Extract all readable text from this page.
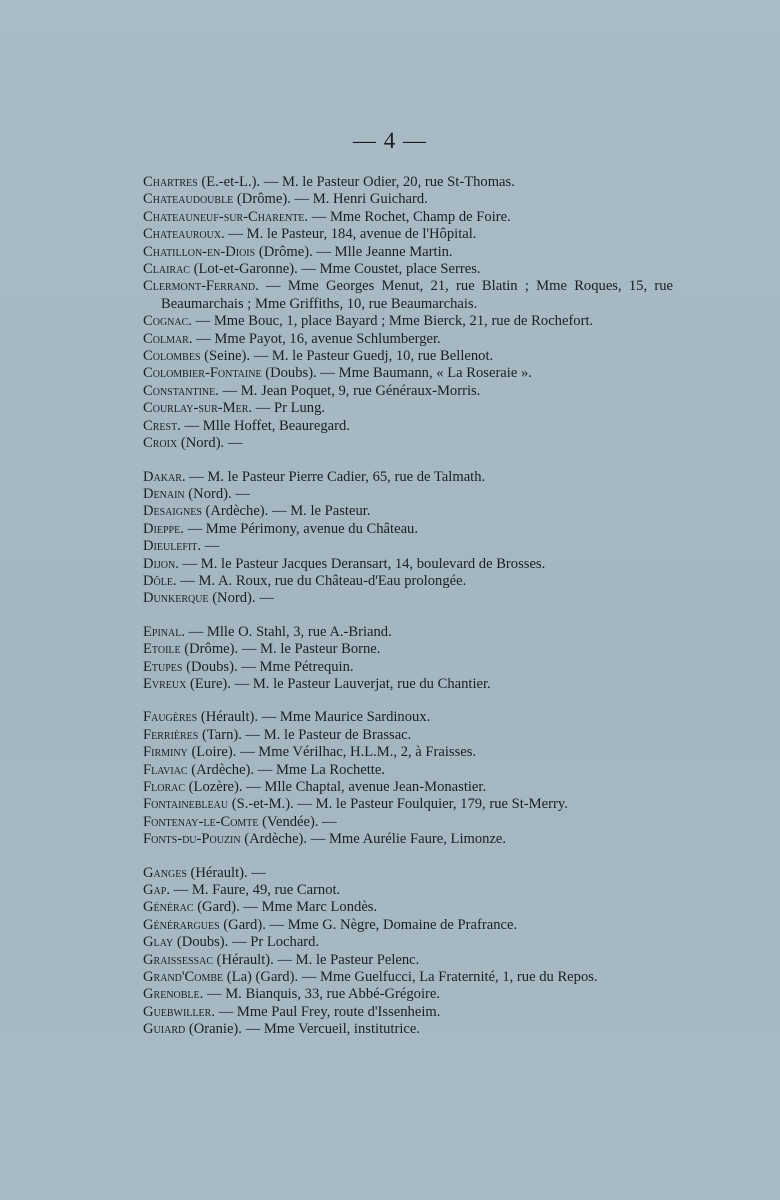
— 4 —
Chartres (E.-et-L.). — M. le Pasteur Odier, 20, rue St-Thomas.
Chateaudouble (Drôme). — M. Henri Guichard.
Chateauneuf-sur-Charente. — Mme Rochet, Champ de Foire.
Chateauroux. — M. le Pasteur, 184, avenue de l'Hôpital.
Chatillon-en-Diois (Drôme). — Mlle Jeanne Martin.
Clairac (Lot-et-Garonne). — Mme Coustet, place Serres.
Clermont-Ferrand. — Mme Georges Menut, 21, rue Blatin ; Mme Roques, 15, rue Beaumarchais ; Mme Griffiths, 10, rue Beaumarchais.
Cognac. — Mme Bouc, 1, place Bayard ; Mme Bierck, 21, rue de Rochefort.
Colmar. — Mme Payot, 16, avenue Schlumberger.
Colombes (Seine). — M. le Pasteur Guedj, 10, rue Bellenot.
Colombier-Fontaine (Doubs). — Mme Baumann, « La Roseraie ».
Constantine. — M. Jean Poquet, 9, rue Généraux-Morris.
Courlay-sur-Mer. — Pr Lung.
Crest. — Mlle Hoffet, Beauregard.
Croix (Nord). —
Dakar. — M. le Pasteur Pierre Cadier, 65, rue de Talmath.
Denain (Nord). —
Desaignes (Ardèche). — M. le Pasteur.
Dieppe. — Mme Périmony, avenue du Château.
Dieulefit. —
Dijon. — M. le Pasteur Jacques Deransart, 14, boulevard de Brosses.
Dôle. — M. A. Roux, rue du Château-d'Eau prolongée.
Dunkerque (Nord). —
Epinal. — Mlle O. Stahl, 3, rue A.-Briand.
Etoile (Drôme). — M. le Pasteur Borne.
Etupes (Doubs). — Mme Pétrequin.
Evreux (Eure). — M. le Pasteur Lauverjat, rue du Chantier.
Faugères (Hérault). — Mme Maurice Sardinoux.
Ferrières (Tarn). — M. le Pasteur de Brassac.
Firminy (Loire). — Mme Vérilhac, H.L.M., 2, à Fraisses.
Flaviac (Ardèche). — Mme La Rochette.
Florac (Lozère). — Mlle Chaptal, avenue Jean-Monastier.
Fontainebleau (S.-et-M.). — M. le Pasteur Foulquier, 179, rue St-Merry.
Fontenay-le-Comte (Vendée). —
Fonts-du-Pouzin (Ardèche). — Mme Aurélie Faure, Limonze.
Ganges (Hérault). —
Gap. — M. Faure, 49, rue Carnot.
Générac (Gard). — Mme Marc Londès.
Générargues (Gard). — Mme G. Nègre, Domaine de Prafrance.
Glay (Doubs). — Pr Lochard.
Graissessac (Hérault). — M. le Pasteur Pelenc.
Grand'Combe (La) (Gard). — Mme Guelfucci, La Fraternité, 1, rue du Repos.
Grenoble. — M. Bianquis, 33, rue Abbé-Grégoire.
Guebwiller. — Mme Paul Frey, route d'Issenheim.
Guiard (Oranie). — Mme Vercueil, institutrice.
